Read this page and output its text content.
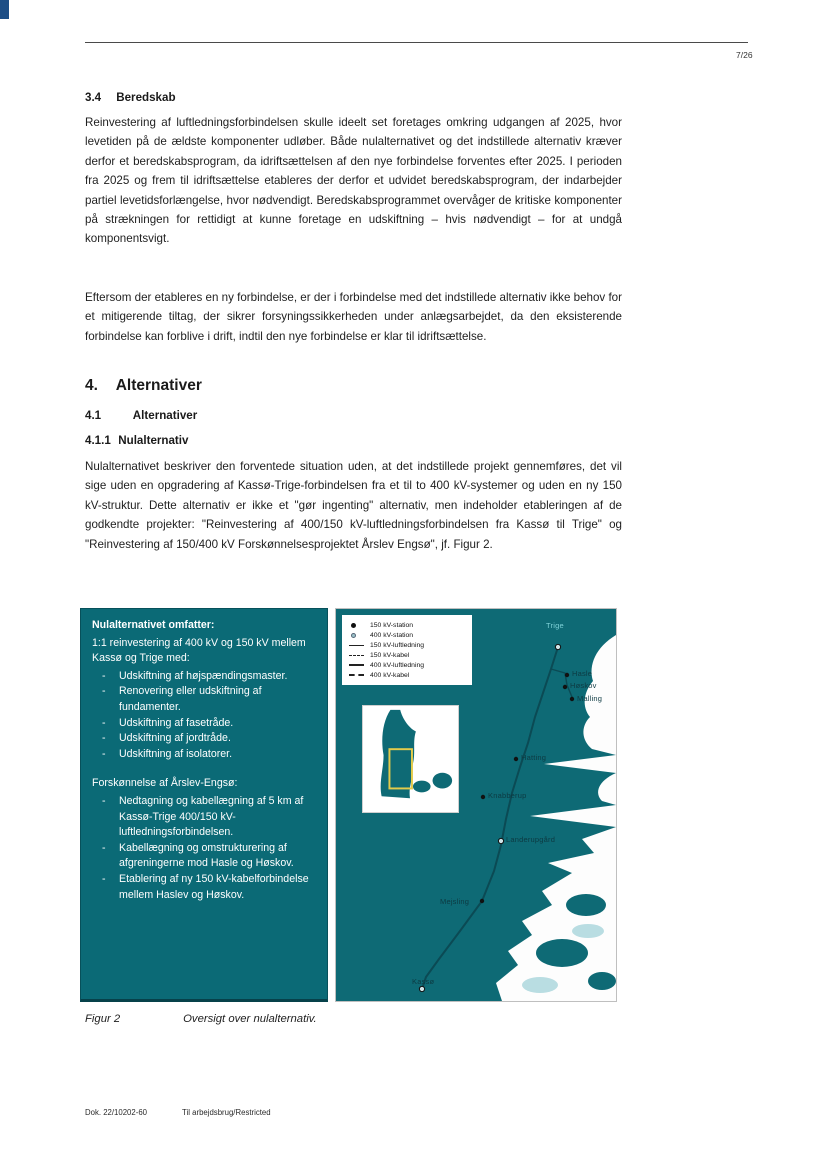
7/26
3.4 Beredskab

Reinvestering af luftledningsforbindelsen skulle ideelt set foretages omkring udgangen af 2025, hvor levetiden på de ældste komponenter udløber. Både nulalternativet og det indstillede alternativ kræver derfor et beredskabsprogram, da idriftsættelsen af den nye forbindelse forventes efter 2025. I perioden fra 2025 og frem til idriftsættelse etableres der derfor et udvidet beredskabsprogram, der indarbejder partiel levetidsforlængelse, hvor nødvendigt. Beredskabsprogrammet overvåger de kritiske komponenter på strækningen for rettidigt at kunne foretage en udskiftning – hvis nødvendigt – for at undgå komponentsvigt.

Eftersom der etableres en ny forbindelse, er der i forbindelse med det indstillede alternativ ikke behov for et mitigerende tiltag, der sikrer forsyningssikkerheden under anlægsarbejdet, da den eksisterende forbindelse kan forblive i drift, indtil den nye forbindelse er klar til idriftsættelse.

4. Alternativer
4.1	Alternativer
4.1.1 Nulalternativ

Nulalternativet beskriver den forventede situation uden, at det indstillede projekt gennemføres, det vil sige uden en opgradering af Kassø-Trige-forbindelsen fra et til to 400 kV-systemer og uden en ny 150 kV-struktur. Dette alternativ er ikke et "gør ingenting" alternativ, men indeholder etableringen af de godkendte projekter: "Reinvestering af 400/150 kV-luftledningsforbindelsen fra Kassø til Trige" og "Reinvestering af 150/400 kV Forskønnelsesprojektet Årslev Engsø", jf. Figur 2.

Nulalternativet omfatter:
1:1 reinvestering af 400 kV og 150 kV mellem Kassø og Trige med:
- Udskiftning af højspændingsmaster.
- Renovering eller udskiftning af fundamenter.
- Udskiftning af fasetråde.
- Udskiftning af jordtråde.
- Udskiftning af isolatorer.
Forskønnelse af Årslev-Engsø:
- Nedtagning og kabellægning af 5 km af Kassø-Trige 400/150 kV-luftledningsforbindelsen.
- Kabellægning og omstrukturering af afgreningerne mod Hasle og Høskov.
- Etablering af ny 150 kV-kabelforbindelse mellem Haslev og Høskov.
150 kV-station
400 kV-station
150 kV-luftledning
150 kV-kabel
400 kV-luftledning
400 kV-kabel
Trige
Hasle
Høskov
Malling
Hatting
Knabberup
Landerupgård
Mejsling
Kassø
Figur 2	Oversigt over nulalternativ.
Dok. 22/10202-60	Til arbejdsbrug/Restricted
